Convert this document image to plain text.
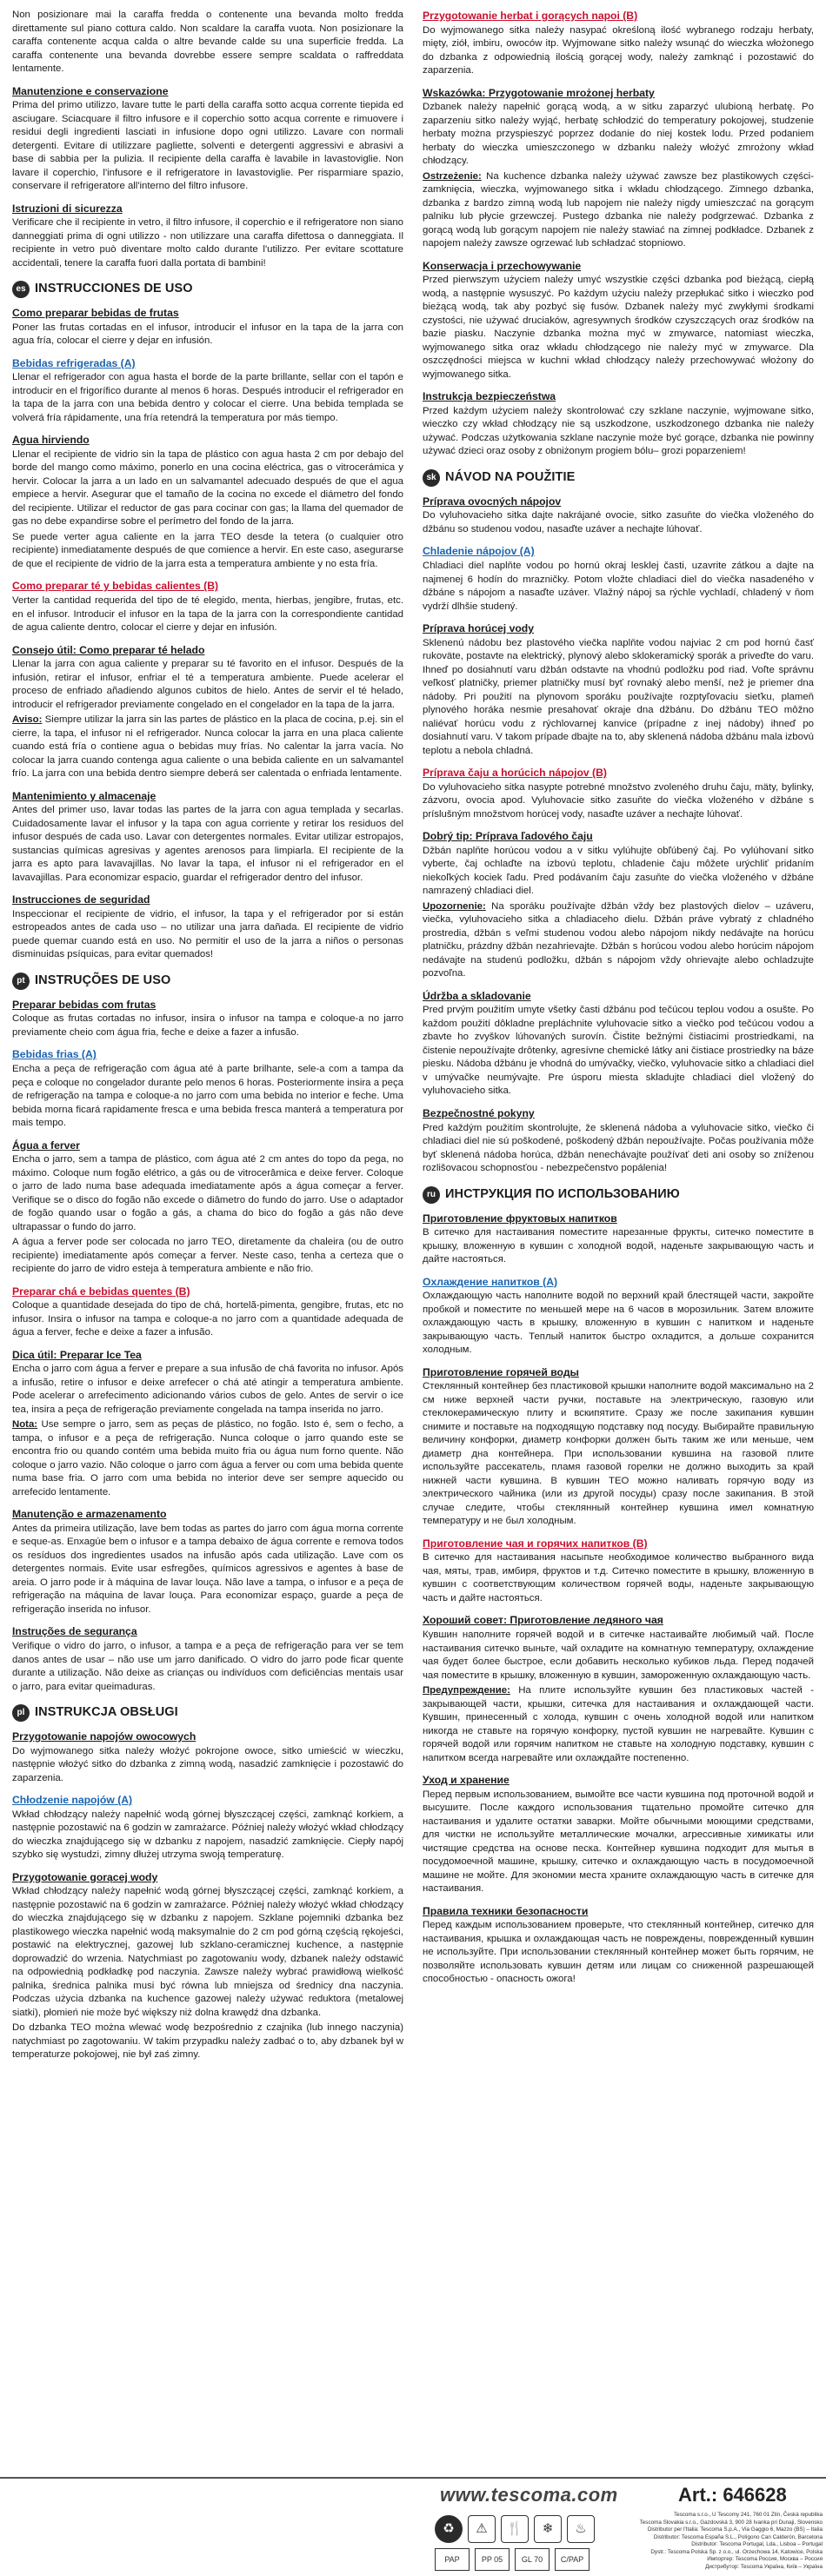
Non posizionare mai la caraffa fredda o contenente una bevanda molto fredda direttamente sul piano cottura caldo. Non scaldare la caraffa vuota. Non posizionare la caraffa contenente acqua calda o altre bevande calde su una superficie fredda. La caraffa contenente una bevanda dovrebbe essere sempre scaldata o raffreddata lentamente.

Manutenzione e conservazione

Prima del primo utilizzo, lavare tutte le parti della caraffa sotto acqua corrente tiepida ed asciugare. Sciacquare il filtro infusore e il coperchio sotto acqua corrente e rimuovere i residui degli ingredienti lasciati in infusione dopo ogni utilizzo. Lavare con normali detergenti. Evitare di utilizzare pagliette, solventi e detergenti aggressivi e abrasivi a base di sabbia per la pulizia. Il recipiente della caraffa è lavabile in lavastoviglie. Non lavare il coperchio, l'infusore e il refrigeratore in lavastoviglie. Per risparmiare spazio, conservare il refrigeratore all'interno del filtro infusore.

Istruzioni di sicurezza

Verificare che il recipiente in vetro, il filtro infusore, il coperchio e il refrigeratore non siano danneggiati prima di ogni utilizzo - non utilizzare una caraffa difettosa o danneggiata. Il recipiente in vetro può diventare molto caldo durante l'utilizzo. Per evitare scottature accidentali, tenere la caraffa fuori dalla portata di bambini!

es INSTRUCCIONES DE USO
Como preparar bebidas de frutas

Poner las frutas cortadas en el infusor, introducir el infusor en la tapa de la jarra con agua fría, colocar el cierre y dejar en infusión.

Bebidas refrigeradas (A)

Llenar el refrigerador con agua hasta el borde de la parte brillante, sellar con el tapón e introducir en el frigorífico durante al menos 6 horas. Después introducir el refrigerador en la tapa de la jarra con una bebida dentro y colocar el cierre. Una bebida templada se volverá fría rápidamente, una fría retendrá la temperatura por más tiempo.

Agua hirviendo

Llenar el recipiente de vidrio sin la tapa de plástico con agua hasta 2 cm por debajo del borde del mango como máximo, ponerlo en una cocina eléctrica, gas o vitrocerámica y hervir. Colocar la jarra a un lado en un salvamantel adecuado después de que el agua empiece a hervir. Asegurar que el tamaño de la cocina no excede el diámetro del fondo del recipiente. Utilizar el reductor de gas para cocinar con gas; la llama del quemador de gas no debe expandirse sobre el perímetro del fondo de la jarra.

Se puede verter agua caliente en la jarra TEO desde la tetera (o cualquier otro recipiente) inmediatamente después de que comience a hervir. En este caso, asegurarse de que el recipiente de vidrio de la jarra esta a temperatura ambiente y no esta fría.

Como preparar té y bebidas calientes (B)

Verter la cantidad requerida del tipo de té elegido, menta, hierbas, jengibre, frutas, etc. en el infusor. Introducir el infusor en la tapa de la jarra con la correspondiente cantidad de agua caliente dentro, colocar el cierre y dejar en infusión.

Consejo útil: Como preparar té helado

Llenar la jarra con agua caliente y preparar su té favorito en el infusor. Después de la infusión, retirar el infusor, enfriar el té a temperatura ambiente. Puede acelerar el proceso de enfriado añadiendo algunos cubitos de hielo. Antes de servir el té helado, introducir el refrigerador previamente congelado en el congelador en la tapa de la jarra.

Aviso: Siempre utilizar la jarra sin las partes de plástico en la placa de cocina, p.ej. sin el cierre, la tapa, el infusor ni el refrigerador. Nunca colocar la jarra en una placa caliente cuando está fría o contiene agua o bebidas muy frías. No calentar la jarra vacía. No colocar la jarra cuando contenga agua caliente o una bebida caliente en un salvamantel frío. La jarra con una bebida dentro siempre deberá ser calentada o enfriada lentamente.

Mantenimiento y almacenaje

Antes del primer uso, lavar todas las partes de la jarra con agua templada y secarlas. Cuidadosamente lavar el infusor y la tapa con agua corriente y retirar los residuos del infusor después de cada uso. Lavar con detergentes normales. Evitar utilizar estropajos, sustancias químicas agresivas y agentes arenosos para limpiarla. El recipiente de la jarra es apto para lavavajillas. No lavar la tapa, el infusor ni el refrigerador en el lavavajillas. Para economizar espacio, guardar el refrigerador dentro del infusor.

Instrucciones de seguridad

Inspeccionar el recipiente de vidrio, el infusor, la tapa y el refrigerador por si están estropeados antes de cada uso – no utilizar una jarra dañada. El recipiente de vidrio puede quemar cuando está en uso. No permitir el uso de la jarra a niños o personas disminuidas psíquicas, para evitar quemados!

pt INSTRUÇÕES DE USO
Preparar bebidas com frutas

Coloque as frutas cortadas no infusor, insira o infusor na tampa e coloque-a no jarro previamente cheio com água fria, feche e deixe a fazer a infusão.

Bebidas frias (A)

Encha a peça de refrigeração com água até à parte brilhante, sele-a com a tampa da peça e coloque no congelador durante pelo menos 6 horas. Posteriormente insira a peça de refrigeração na tampa e coloque-a no jarro com uma bebida no interior e feche. Uma bebida morna ficará rapidamente fresca e uma bebida fresca manterá a temperatura por mais tempo.

Água a ferver

Encha o jarro, sem a tampa de plástico, com água até 2 cm antes do topo da pega, no máximo. Coloque num fogão elétrico, a gás ou de vitrocerâmica e deixe ferver. Coloque o jarro de lado numa base adequada imediatamente após a água começar a ferver. Verifique se o disco do fogão não excede o diâmetro do fundo do jarro. Use o adaptador de fogão quando usar o fogão a gás, a chama do bico do fogão a gás não deve ultrapassar o fundo do jarro.

A água a ferver pode ser colocada no jarro TEO, diretamente da chaleira (ou de outro recipiente) imediatamente após começar a ferver. Neste caso, tenha a certeza que o recipiente do jarro de vidro esteja à temperatura ambiente e não frio.

Preparar chá e bebidas quentes (B)

Coloque a quantidade desejada do tipo de chá, hortelã-pimenta, gengibre, frutas, etc no infusor. Insira o infusor na tampa e coloque-a no jarro com a quantidade adequada de água a ferver, feche e deixe a fazer a infusão.

Dica útil: Preparar Ice Tea

Encha o jarro com água a ferver e prepare a sua infusão de chá favorita no infusor. Após a infusão, retire o infusor e deixe arrefecer o chá até atingir a temperatura ambiente. Pode acelerar o arrefecimento adicionando vários cubos de gelo. Antes de servir o ice tea, insira a peça de refrigeração previamente congelada na tampa inserida no jarro.

Nota: Use sempre o jarro, sem as peças de plástico, no fogão. Isto é, sem o fecho, a tampa, o infusor e a peça de refrigeração. Nunca coloque o jarro quando este se encontra frio ou quando contém uma bebida muito fria ou água num forno quente. Não coloque o jarro vazio. Não coloque o jarro com água a ferver ou com uma bebida quente numa base fria. O jarro com uma bebida no interior deve ser sempre aquecido ou arrefecido lentamente.

Manutenção e armazenamento

Antes da primeira utilização, lave bem todas as partes do jarro com água morna corrente e seque-as. Enxagúe bem o infusor e a tampa debaixo de água corrente e remova todos os resíduos dos ingredientes usados na infusão após cada utilização. Lave com os detergentes normais. Evite usar esfregões, químicos agressivos e agentes à base de areia. O jarro pode ir à máquina de lavar louça. Não lave a tampa, o infusor e a peça de refrigeração na máquina de lavar louça. Para economizar espaço, guarde a peça de refrigeração inserida no infusor.

Instruções de segurança

Verifique o vidro do jarro, o infusor, a tampa e a peça de refrigeração para ver se tem danos antes de usar – não use um jarro danificado. O vidro do jarro pode ficar quente durante a utilização. Não deixe as crianças ou indivíduos com deficiências mentais usar o jarro, para evitar queimaduras.

pl INSTRUKCJA OBSŁUGI
Przygotowanie napojów owocowych

Do wyjmowanego sitka należy włożyć pokrojone owoce, sitko umieścić w wieczku, następnie włożyć sitko do dzbanka z zimną wodą, nasadzić zamknięcie i pozostawić do zaparzenia.

Chłodzenie napojów (A)

Wkład chłodzący należy napełnić wodą górnej błyszczącej części, zamknąć korkiem, a następnie pozostawić na 6 godzin w zamrażarce. Później należy włożyć wkład chłodzący do wieczka znajdującego się w dzbanku z napojem, nasadzić zamknięcie. Ciepły napój szybko się wystudzi, zimny dłużej utrzyma swoją temperaturę.

Przygotowanie gorącej wody

Wkład chłodzący należy napełnić wodą górnej błyszczącej części, zamknąć korkiem, a następnie pozostawić na 6 godzin w zamrażarce. Później należy włożyć wkład chłodzący do wieczka znajdującego się w dzbanku z napojem. Szklane pojemniki dzbanka bez plastikowego wieczka napełnić wodą maksymalnie do 2 cm pod górną częścią rękojeści, postawić na elektrycznej, gazowej lub szklano-ceramicznej kuchence, a następnie doprowadzić do wrzenia. Natychmiast po zagotowaniu wody, dzbanek należy odstawić na odpowiednią podkładkę pod naczynia. Zawsze należy wybrać prawidłową wielkość palnika, średnica palnika musi być równa lub mniejsza od średnicy dna naczynia. Podczas użycia dzbanka na kuchence gazowej należy używać reduktora (metalowej siatki), płomień nie może być większy niż dolna krawędź dna dzbanka.

Do dzbanka TEO można wlewać wodę bezpośrednio z czajnika (lub innego naczynia) natychmiast po zagotowaniu. W takim przypadku należy zadbać o to, aby dzbanek był w temperaturze pokojowej, nie był zaś zimny.

Przygotowanie herbat i gorących napoi (B)

Do wyjmowanego sitka należy nasypać określoną ilość wybranego rodzaju herbaty, mięty, ziół, imbiru, owoców itp. Wyjmowane sitko należy wsunąć do wieczka włożonego do dzbanka z odpowiednią ilością gorącej wody, należy zamknąć i pozostawić do zaparzenia.

Wskazówka: Przygotowanie mrożonej herbaty

Dzbanek należy napełnić gorącą wodą, a w sitku zaparzyć ulubioną herbatę. Po zaparzeniu sitko należy wyjąć, herbatę schłodzić do temperatury pokojowej, studzenie herbaty można przyspieszyć poprzez dodanie do niej kostek lodu. Przed podaniem herbaty do wieczka umieszczonego w dzbanku należy włożyć zmrożony wkład chłodzący.

Ostrzeżenie: Na kuchence dzbanka należy używać zawsze bez plastikowych części- zamknięcia, wieczka, wyjmowanego sitka i wkładu chłodzącego. Zimnego dzbanka, dzbanka z bardzo zimną wodą lub napojem nie należy nigdy umieszczać na gorącym palniku lub płycie grzewczej. Pustego dzbanka nie należy podgrzewać. Dzbanka z gorącą wodą lub gorącym napojem nie należy stawiać na zimnej podkładce. Dzbanek z napojem należy zawsze ogrzewać lub schładzać stopniowo.

Konserwacja i przechowywanie

Przed pierwszym użyciem należy umyć wszystkie części dzbanka pod bieżącą, ciepłą wodą, a następnie wysuszyć. Po każdym użyciu należy przepłukać sitko i wieczko pod bieżącą wodą, tak aby pozbyć się fusów. Dzbanek należy myć zwykłymi środkami czystości, nie używać druciaków, agresywnych środków czyszczących oraz środków na bazie piasku. Naczynie dzbanka można myć w zmywarce, natomiast wieczka, wyjmowanego sitka oraz wkładu chłodzącego nie należy myć w zmywarce. Dla oszczędności miejsca w kuchni wkład chłodzący należy przechowywać włożony do wyjmowanego sitka.

Instrukcja bezpieczeństwa

Przed każdym użyciem należy skontrolować czy szklane naczynie, wyjmowane sitko, wieczko czy wkład chłodzący nie są uszkodzone, uszkodzonego dzbanka nie należy używać. Podczas użytkowania szklane naczynie może być gorące, dzbanka nie powinny używać dzieci oraz osoby z obniżonym progiem bólu– grozi poparzeniem!

sk NÁVOD NA POUŽITIE
Príprava ovocných nápojov

Do vyluhovacieho sitka dajte nakrájané ovocie, sitko zasuňte do viečka vloženého do džbánu so studenou vodou, nasaďte uzáver a nechajte lúhovať.

Chladenie nápojov (A)

Chladiaci diel naplňte vodou po hornú okraj lesklej časti, uzavrite zátkou a dajte na najmenej 6 hodín do mrazničky. Potom vložte chladiaci diel do viečka nasadeného v džbáne s nápojom a nasaďte uzáver. Vlažný nápoj sa rýchle vychladí, chladený v ňom vydrží dlhšie studený.

Príprava horúcej vody

Sklenenú nádobu bez plastového viečka naplňte vodou najviac 2 cm pod hornú časť rukoväte, postavte na elektrický, plynový alebo sklokeramický sporák a priveďte do varu. Ihneď po dosiahnutí varu džbán odstavte na vhodnú podložku pod riad. Voľte správnu veľkosť platničky, priemer platničky musí byť rovnaký alebo menší, než je priemer dna nádoby. Pri použití na plynovom sporáku používajte rozptyľovaciu sieťku, plameň plynového horáka nesmie presahovať okraje dna džbánu. Do džbánu TEO môžno naliévať horúcu vodu z rýchlovarnej kanvice (prípadne z inej nádoby) ihneď po dosiahnutí varu. V takom prípade dbajte na to, aby sklenená nádoba džbánu mala izbovú teplotu a nebola chladná.

Príprava čaju a horúcich nápojov (B)

Do vyluhovacieho sitka nasypte potrebné množstvo zvoleného druhu čaju, mäty, bylinky, zázvoru, ovocia apod. Vyluhovacie sitko zasuňte do viečka vloženého v džbáne s príslušným množstvom horúcej vody, nasaďte uzáver a nechajte lúhovať.

Dobrý tip: Príprava ľadového čaju

Džbán naplňte horúcou vodou a v sitku vylúhujte obľúbený čaj. Po vylúhovaní sitko vyberte, čaj ochlaďte na izbovú teplotu, chladenie čaju môžete urýchliť pridaním niekoľkých kociek ľadu. Pred podávaním čaju zasuňte do viečka vloženého v džbáne namrazený chladiaci diel.

Upozornenie: Na sporáku používajte džbán vždy bez plastových dielov – uzáveru, viečka, vyluhovacieho sitka a chladiaceho dielu. Džbán práve vybratý z chladného prostredia, džbán s veľmi studenou vodou alebo nápojom nikdy nedávajte na horúcu platničku, prázdny džbán nezahrievajte. Džbán s horúcou vodou alebo horúcim nápojom nedávajte na studenú podložku, džbán s nápojom vždy ohrievajte alebo ochladzujte pozvoľna.

Údržba a skladovanie

Pred prvým použitím umyte všetky časti džbánu pod tečúcou teplou vodou a osušte. Po každom použití dôkladne prepláchnite vyluhovacie sitko a viečko pod tečúcou vodou a zbavte ho zvyškov lúhovaných surovín. Čistite bežnými čistiacimi prostriedkami, na čistenie nepoužívajte drôtenky, agresívne chemické látky ani čistiace prostriedky na báze piesku. Nádoba džbánu je vhodná do umývačky, viečko, vyluhovacie sitko a chladiaci diel v umývačke neumývajte. Pre úsporu miesta skladujte chladiaci diel vložený do vyluhovacieho sitka.

Bezpečnostné pokyny

Pred každým použitím skontrolujte, že sklenená nádoba a vyluhovacie sitko, viečko či chladiaci diel nie sú poškodené, poškodený džbán nepoužívajte. Počas používania môže byť sklenená nádoba horúca, džbán nenechávajte používať deti ani osoby so zníženou rozlišovacou schopnosťou - nebezpečenstvo popálenia!

ru ИНСТРУКЦИЯ ПО ИСПОЛЬЗОВАНИЮ
Приготовление фруктовых напитков

В ситечко для настаивания поместите нарезанные фрукты, ситечко поместите в крышку, вложенную в кувшин с холодной водой, наденьте закрывающую часть и дайте настояться.

Охлаждение напитков (A)

Охлаждающую часть наполните водой по верхний край блестящей части, закройте пробкой и поместите по меньшей мере на 6 часов в морозильник. Затем вложите охлаждающую часть в крышку, вложенную в кувшин с напитком и наденьте закрывающую часть. Теплый напиток быстро охладится, а дольше сохранится холодным.

Приготовление горячей воды

Стеклянный контейнер без пластиковой крышки наполните водой максимально на 2 см ниже верхней части ручки, поставьте на электрическую, газовую или стеклокерамическую плиту и вскипятите. Сразу же после закипания кувшин снимите и поставьте на подходящую подставку под посуду. Выбирайте правильную величину конфорки, диаметр конфорки должен быть таким же или меньше, чем диаметр дна контейнера. При использовании кувшина на газовой плите используйте рассекатель, пламя газовой горелки не должно выходить за край нижней части кувшина. В кувшин TEO можно наливать горячую воду из электрического чайника (или из другой посуды) сразу после закипания. В этой случае следите, чтобы стеклянный контейнер кувшина имел комнатную температуру и не был холодным.

Приготовление чая и горячих напитков (B)

В ситечко для настаивания насыпьте необходимое количество выбранного вида чая, мяты, трав, имбиря, фруктов и т.д. Ситечко поместите в крышку, вложенную в кувшин с соответствующим количеством горячей воды, наденьте закрывающую часть и дайте настояться.

Хороший совет: Приготовление ледяного чая

Кувшин наполните горячей водой и в ситечке настаивайте любимый чай. После настаивания ситечко выньте, чай охладите на комнатную температуру, охлаждение чая будет более быстрое, если добавить несколько кубиков льда. Перед подачей чая поместите в крышку, вложенную в кувшин, замороженную охлаждающую часть.

Предупреждение: На плите используйте кувшин без пластиковых частей - закрывающей части, крышки, ситечка для настаивания и охлаждающей части. Кувшин, принесенный с холода, кувшин с очень холодной водой или напитком никогда не ставьте на горячую конфорку, пустой кувшин не нагревайте. Кувшин с горячей водой или горячим напитком не ставьте на холодную подставку, кувшин с напитком всегда нагревайте или охлаждайте постепенно.

Уход и хранение

Перед первым использованием, вымойте все части кувшина под проточной водой и высушите. После каждого использования тщательно промойте ситечко для настаивания и удалите остатки заварки. Мойте обычными моющими средствами, для чистки не используйте металлические мочалки, агрессивные химикаты или чистящие средства на основе песка. Контейнер кувшина подходит для мытья в посудомоечной машине, крышку, ситечко и охлаждающую часть в посудомоечной машине не мойте. Для экономии места храните охлаждающую часть в ситечке для настаивания.

Правила техники безопасности

Перед каждым использованием проверьте, что стеклянный контейнер, ситечко для настаивания, крышка и охлаждающая часть не повреждены, поврежденный кувшин не используйте. При использовании стеклянный контейнер может быть горячим, не позволяйте использовать кувшин детям или лицам со сниженной разрешающей способностью - опасность ожога!

www.tescoma.com	Art.: 646628
♻	⚠	🍴	❄	♨
PAP	PP 05	GL 70	C/PAP
Tescoma s.r.o., U Tescomy 241, 760 01 Zlín, Česká republika
Tescoma Slovakia s.r.o., Gazdovská 3, 900 28 Ivanka pri Dunaji, Slovensko
Distributor per l'Italia: Tescoma S.p.A., Via Gaggio 6, Mazzo (BS) – Italia
Distributor: Tescoma España S.L., Polígono Can Calderón, Barcelona
Distributor: Tescoma Portugal, Lda., Lisboa – Portugal
Dystr.: Tescoma Polska Sp. z o.o., ul. Orzechowa 14, Katowice, Polska
Импортер: Tescoma Россия, Москва – Россия
Дистрибутор: Tescoma Україна, Київ – Україна
